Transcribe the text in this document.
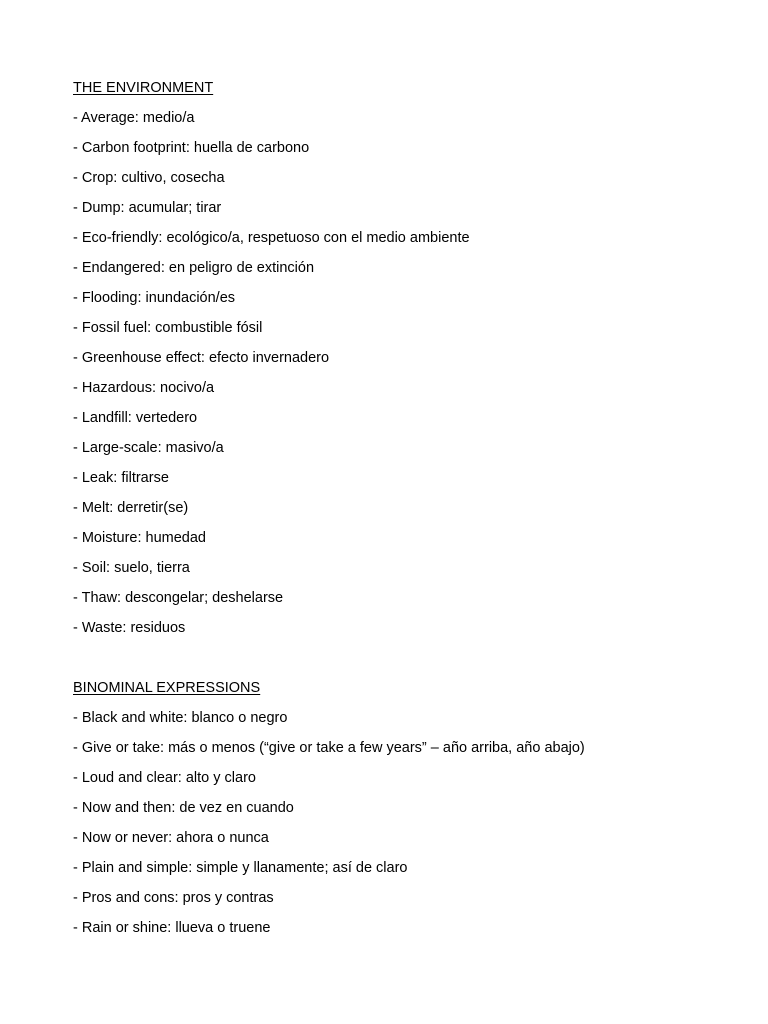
THE ENVIRONMENT
- Average: medio/a
- Carbon footprint: huella de carbono
- Crop: cultivo, cosecha
- Dump: acumular; tirar
- Eco-friendly: ecológico/a, respetuoso con el medio ambiente
- Endangered: en peligro de extinción
- Flooding: inundación/es
- Fossil fuel: combustible fósil
- Greenhouse effect: efecto invernadero
- Hazardous: nocivo/a
- Landfill: vertedero
- Large-scale: masivo/a
- Leak: filtrarse
- Melt: derretir(se)
- Moisture: humedad
- Soil: suelo, tierra
- Thaw: descongelar; deshelarse
- Waste: residuos
BINOMINAL EXPRESSIONS
- Black and white: blanco o negro
- Give or take: más o menos (“give or take a few years” – año arriba, año abajo)
- Loud and clear: alto y claro
- Now and then: de vez en cuando
- Now or never: ahora o nunca
- Plain and simple: simple y llanamente; así de claro
- Pros and cons: pros y contras
- Rain or shine: llueva o truene
